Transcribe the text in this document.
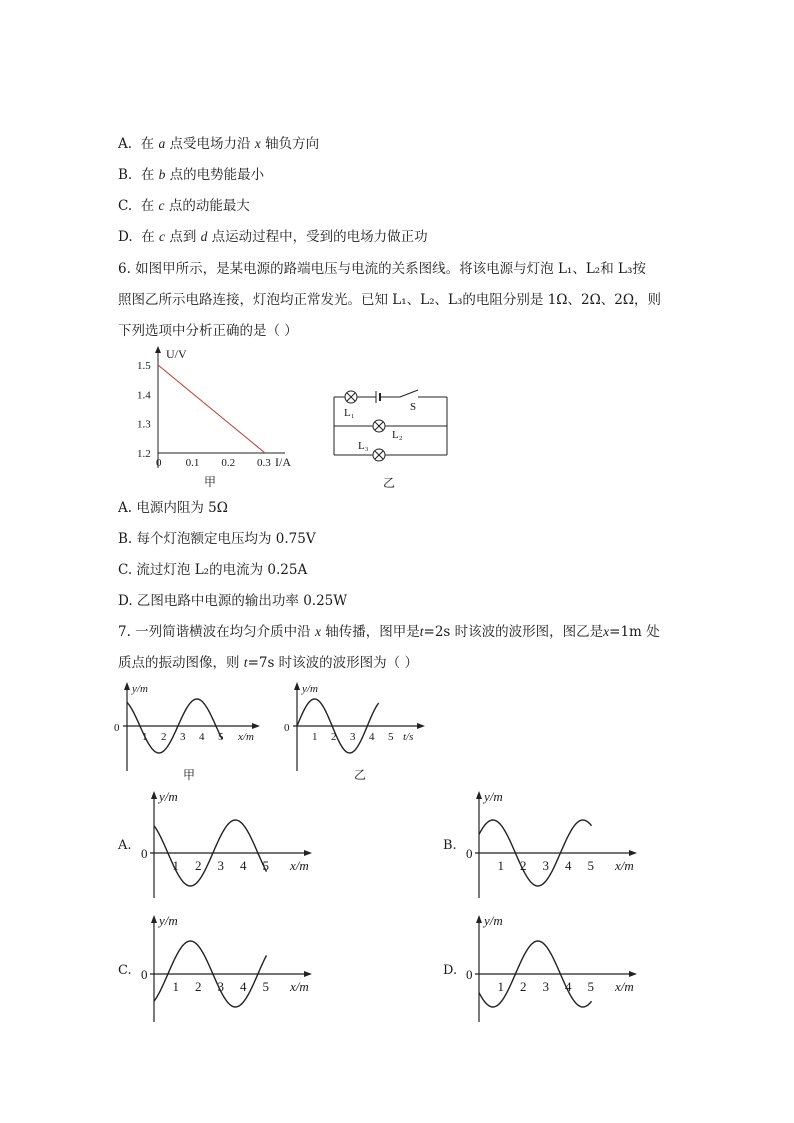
A. 在 a 点受电场力沿 x 轴负方向
B. 在 b 点的电势能最小
C. 在 c 点的动能最大
D. 在 c 点到 d 点运动过程中，受到的电场力做正功
6. 如图甲所示，是某电源的路端电压与电流的关系图线。将该电源与灯泡 L₁、L₂和 L₃按
照图乙所示电路连接，灯泡均正常发光。已知 L₁、L₂、L₃的电阻分别是 1Ω、2Ω、2Ω，则
下列选项中分析正确的是（ ）
U/V
I/A
0 0.1 0.2 0.3
1.2
1.3
1.4
1.5
甲
L₁	S
L₂
L₃
乙
A. 电源内阻为 5Ω
B. 每个灯泡额定电压均为 0.75V
C. 流过灯泡 L₂的电流为 0.25A
D. 乙图电路中电源的输出功率 0.25W
7. 一列简谐横波在均匀介质中沿 x 轴传播，图甲是t=2s 时该波的波形图，图乙是x=1m 处
质点的振动图像，则 t=7s 时该波的波形图为（ ）
y/m
0
1 2 3 4 5 x/m
甲
y/m
0
1 2 3 4 5 t/s
乙
A.
y/m
0
1 2 3 4 5 x/m
B.
y/m
0
1 2 3 4 5 x/m
C.
y/m
0
1 2 3 4 5 x/m
D.
y/m
0
1 2 3 4 5 x/m
